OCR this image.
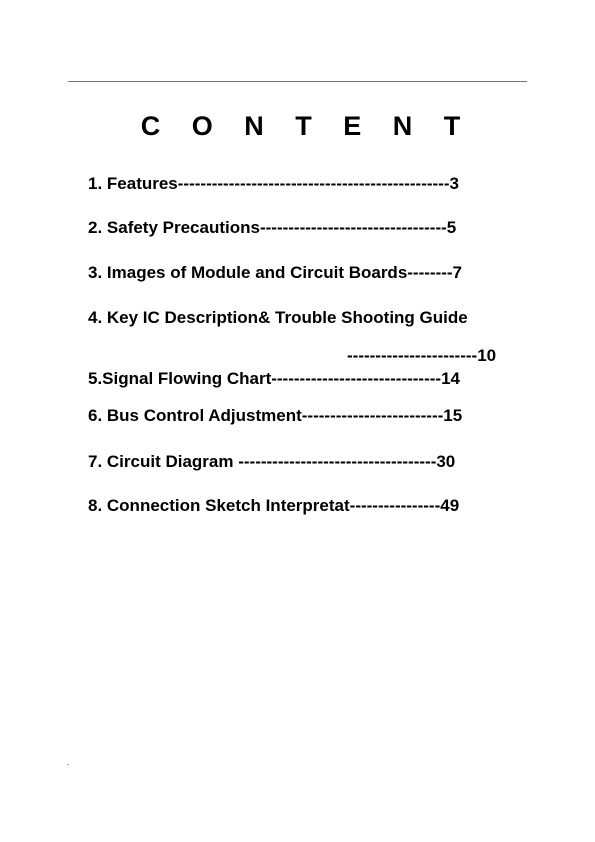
C O N T E N T
1. Features------------------------------------------------3
2. Safety Precautions---------------------------------5
3. Images of Module and Circuit Boards--------7
4. Key IC Description& Trouble Shooting Guide
-----------------------10
5.Signal Flowing Chart------------------------------14
6. Bus Control Adjustment-------------------------15
7. Circuit Diagram -----------------------------------30
8. Connection Sketch Interpretat----------------49
-
